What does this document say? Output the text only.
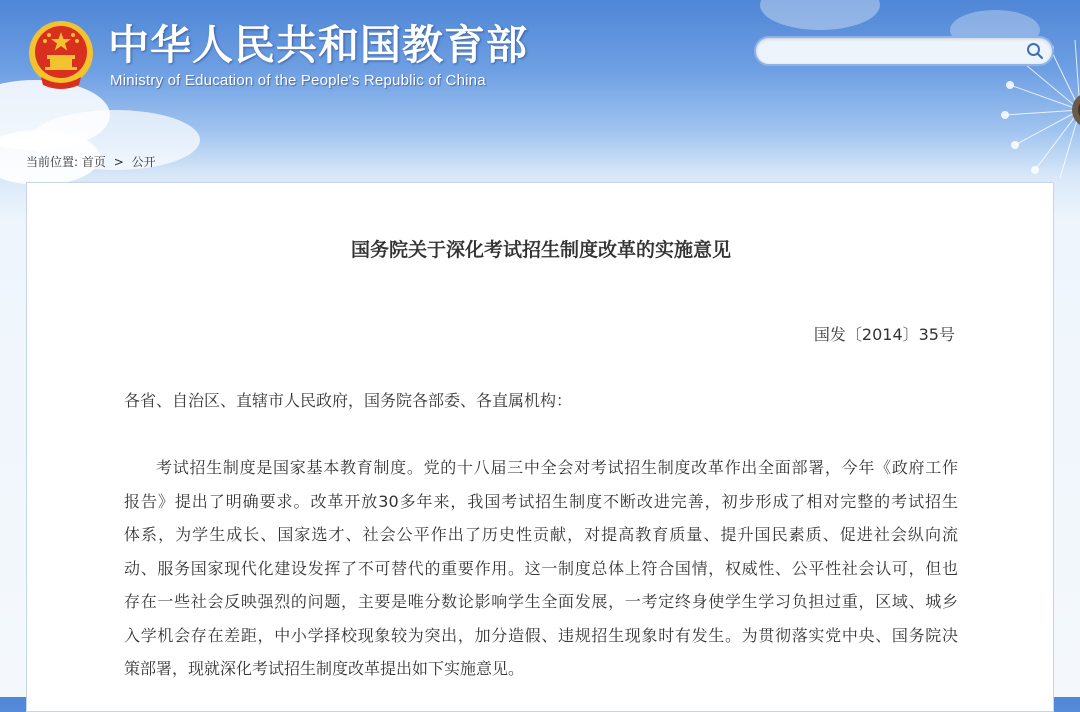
中华人民共和国教育部
Ministry of Education of the People's Republic of China
当前位置: 首页 > 公开
国务院关于深化考试招生制度改革的实施意见
国发〔2014〕35号
各省、自治区、直辖市人民政府，国务院各部委、各直属机构：

考试招生制度是国家基本教育制度。党的十八届三中全会对考试招生制度改革作出全面部署，今年《政府工作
报告》提出了明确要求。改革开放30多年来，我国考试招生制度不断改进完善，初步形成了相对完整的考试招生
体系，为学生成长、国家选才、社会公平作出了历史性贡献，对提高教育质量、提升国民素质、促进社会纵向流
动、服务国家现代化建设发挥了不可替代的重要作用。这一制度总体上符合国情，权威性、公平性社会认可，但也
存在一些社会反映强烈的问题，主要是唯分数论影响学生全面发展，一考定终身使学生学习负担过重，区域、城乡
入学机会存在差距，中小学择校现象较为突出，加分造假、违规招生现象时有发生。为贯彻落实党中央、国务院决
策部署，现就深化考试招生制度改革提出如下实施意见。
